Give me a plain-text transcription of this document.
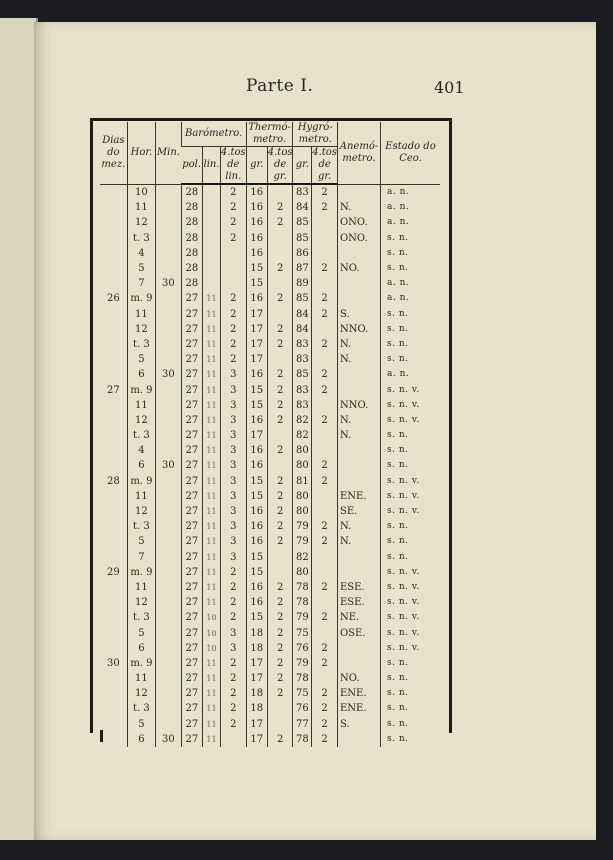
Parte I.	401
Dias do mez.	Hor.	Min.	Barómetro.			Thermó-metro.		Hygró-metro.		Anemó-metro.	Estado do Ceo.
			pol.	lin.	4.tos de lin.	gr.	4.tos de gr.	gr.	4.tos de gr.		
	10		28		2	16		83	2		a. n.
	11		28		2	16	2	84	2	N.	a. n.
	12		28		2	16	2	85		ONO.	a. n.
	t. 3		28		2	16		85		ONO.	s. n.
	4		28			16		86			s. n.
	5		28			15	2	87	2	NO.	s. n.
	7	30	28			15		89			a. n.
26	m. 9		27	11	2	16	2	85	2		a. n.
	11		27	11	2	17		84	2	S.	s. n.
	12		27	11	2	17	2	84		NNO.	s. n.
	t. 3		27	11	2	17	2	83	2	N.	s. n.
	5		27	11	2	17		83		N.	s. n.
	6	30	27	11	3	16	2	85	2		a. n.
27	m. 9		27	11	3	15	2	83	2		s. n. v.
	11		27	11	3	15	2	83		NNO.	s. n. v.
	12		27	11	3	16	2	82	2	N.	s. n. v.
	t. 3		27	11	3	17		82		N.	s. n.
	4		27	11	3	16	2	80			s. n.
	6	30	27	11	3	16		80	2		s. n.
28	m. 9		27	11	3	15	2	81	2		s. n. v.
	11		27	11	3	15	2	80		ENE.	s. n. v.
	12		27	11	3	16	2	80		SE.	s. n. v.
	t. 3		27	11	3	16	2	79	2	N.	s. n.
	5		27	11	3	16	2	79	2	N.	s. n.
	7		27	11	3	15		82			s. n.
29	m. 9		27	11	2	15		80			s. n. v.
	11		27	11	2	16	2	78	2	ESE.	s. n. v.
	12		27	11	2	16	2	78		ESE.	s. n. v.
	t. 3		27	10	2	15	2	79	2	NE.	s. n. v.
	5		27	10	3	18	2	75		OSE.	s. n. v.
	6		27	10	3	18	2	76	2		s. n. v.
30	m. 9		27	11	2	17	2	79	2		s. n.
	11		27	11	2	17	2	78		NO.	s. n.
	12		27	11	2	18	2	75	2	ENE.	s. n.
	t. 3		27	11	2	18		76	2	ENE.	s. n.
	5		27	11	2	17		77	2	S.	s. n.
	6	30	27	11		17	2	78	2		s. n.
